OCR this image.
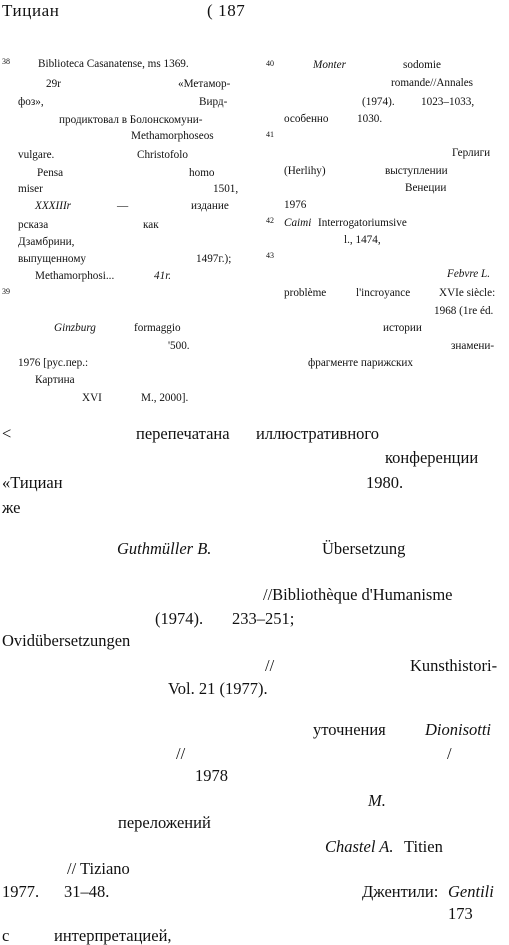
Тициан	( 187
38	Biblioteca Casanatense, ms 1369.
29r	«Метамор-
фоз»,	Вирд-
продиктовал в Болонскомуни-
Methamorphoseos
vulgare.	Christofolo
Pensa	homo
miser	1501,
XXXIIIr	—	издание
рсказа	как
Дзамбрини,
выпущенному	1497г.);
Methamorphosi...	41r.
39
Ginzburg	formaggio
'500.
1976 [рус.пер.:
Картина
XVI	М., 2000].
40	Monter	sodomie
romande//Annales
(1974). 1023–1033,
особенно	1030.
41
Герлиги
(Herlihy)	выступлении
Венеции
1976
42 Caimi Interrogatoriumsive
l., 1474,
43
Febvre L.
problème	l'incroyance	XVIe siècle:
1968 (1re éd.
истории
знамени-
фрагменте парижских
<	перепечатана иллюстративного
конференции
«Тициан	1980.
же
Guthmüller B.	Übersetzung
//Bibliothèque d'Humanisme
(1974). 233–251;
Ovidübersetzungen
//	Kunsthistori-
Vol. 21 (1977).
уточнения Dionisotti
//	/
1978
M.
переложений
Chastel A. Titien
// Tiziano
1977. 31–48.	Джентили: Gentili
173
с	интерпретацией,
